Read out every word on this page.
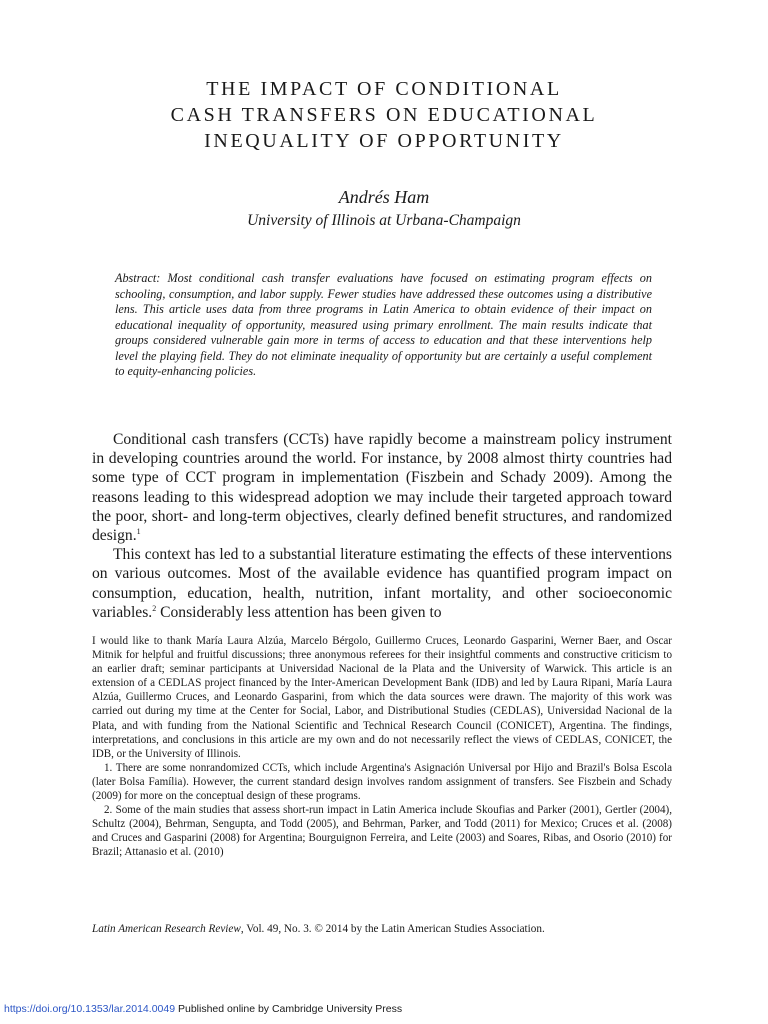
THE IMPACT OF CONDITIONAL
CASH TRANSFERS ON EDUCATIONAL
INEQUALITY OF OPPORTUNITY
Andrés Ham
University of Illinois at Urbana-Champaign

Abstract: Most conditional cash transfer evaluations have focused on estimating program effects on schooling, consumption, and labor supply. Fewer studies have addressed these outcomes using a distributive lens. This article uses data from three programs in Latin America to obtain evidence of their impact on educational inequality of opportunity, measured using primary enrollment. The main results indicate that groups considered vulnerable gain more in terms of access to education and that these interventions help level the playing field. They do not eliminate inequality of opportunity but are certainly a useful complement to equity-enhancing policies.

Conditional cash transfers (CCTs) have rapidly become a mainstream policy instrument in developing countries around the world. For instance, by 2008 almost thirty countries had some type of CCT program in implementation (Fiszbein and Schady 2009). Among the reasons leading to this widespread adoption we may include their targeted approach toward the poor, short- and long-term objectives, clearly defined benefit structures, and randomized design.$^1$

This context has led to a substantial literature estimating the effects of these interventions on various outcomes. Most of the available evidence has quantified program impact on consumption, education, health, nutrition, infant mortality, and other socioeconomic variables.$^2$ Considerably less attention has been given to

I would like to thank María Laura Alzúa, Marcelo Bérgolo, Guillermo Cruces, Leonardo Gasparini, Werner Baer, and Oscar Mitnik for helpful and fruitful discussions; three anonymous referees for their insightful comments and constructive criticism to an earlier draft; seminar participants at Universidad Nacional de la Plata and the University of Warwick. This article is an extension of a CEDLAS project financed by the Inter-American Development Bank (IDB) and led by Laura Ripani, María Laura Alzúa, Guillermo Cruces, and Leonardo Gasparini, from which the data sources were drawn. The majority of this work was carried out during my time at the Center for Social, Labor, and Distributional Studies (CEDLAS), Universidad Nacional de la Plata, and with funding from the National Scientific and Technical Research Council (CONICET), Argentina. The findings, interpretations, and conclusions in this article are my own and do not necessarily reflect the views of CEDLAS, CONICET, the IDB, or the University of Illinois.

1. There are some nonrandomized CCTs, which include Argentina's Asignación Universal por Hijo and Brazil's Bolsa Escola (later Bolsa Família). However, the current standard design involves random assignment of transfers. See Fiszbein and Schady (2009) for more on the conceptual design of these programs.

2. Some of the main studies that assess short-run impact in Latin America include Skoufias and Parker (2001), Gertler (2004), Schultz (2004), Behrman, Sengupta, and Todd (2005), and Behrman, Parker, and Todd (2011) for Mexico; Cruces et al. (2008) and Cruces and Gasparini (2008) for Argentina; Bourguignon Ferreira, and Leite (2003) and Soares, Ribas, and Osorio (2010) for Brazil; Attanasio et al. (2010)

Latin American Research Review, Vol. 49, No. 3. © 2014 by the Latin American Studies Association.
https://doi.org/10.1353/lar.2014.0049 Published online by Cambridge University Press
